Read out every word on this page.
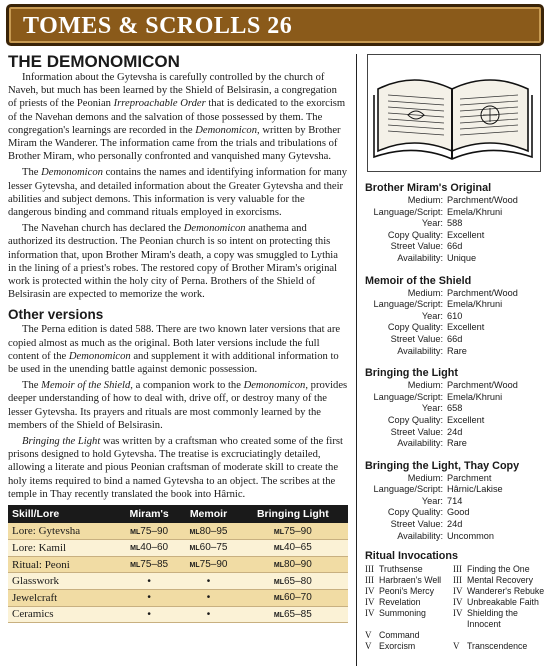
TOMES & SCROLLS 26
THE DEMONOMICON

Information about the Gytevsha is carefully controlled by the church of Naveh, but much has been learned by the Shield of Belsirasin, a congregation of priests of the Peonian Irreproachable Order that is dedicated to the exorcism of the Navehan demons and the salvation of those possessed by them. The congregation's learnings are recorded in the Demonomicon, written by Brother Miram the Wanderer. The information came from the trials and tribulations of Brother Miram, who personally confronted and vanquished many Gytevsha.

The Demonomicon contains the names and identifying information for many lesser Gytevsha, and detailed information about the Greater Gytevsha and their abilities and subject demons. This information is very valuable for the dangerous binding and command rituals employed in exorcisms.

The Navehan church has declared the Demonomicon anathema and authorized its destruction. The Peonian church is so intent on protecting this information that, upon Brother Miram's death, a copy was smuggled to Lythia in the lining of a priest's robes. The restored copy of Brother Miram's original work is protected within the holy city of Perna. Brothers of the Shield of Belsirasin are expected to memorize the work.

Other versions

The Perna edition is dated 588. There are two known later versions that are copied almost as much as the original. Both later versions include the full content of the Demonomicon and supplement it with additional information to be used in the unending battle against demonic possession.

The Memoir of the Shield, a companion work to the Demonomicon, provides deeper understanding of how to deal with, drive off, or destroy many of the lesser Gytevsha. Its prayers and rituals are most commonly learned by the members of the Shield of Belsirasin.

Bringing the Light was written by a craftsman who created some of the first prisons designed to hold Gytevsha. The treatise is excruciatingly detailed, allowing a literate and pious Peonian craftsman of moderate skill to create the holy items required to bind a named Gytevsha to an object. The scribes at the temple in Thay recently translated the book into Hârnic.

Skill/Lore	Miram's	Memoir	Bringing Light
Lore: Gytevsha	ML75–90	ML80–95	ML75–90
Lore: Kamil	ML40–60	ML60–75	ML40–65
Ritual: Peoni	ML75–85	ML75–90	ML80–90
Glasswork	•	•	ML65–80
Jewelcraft	•	•	ML60–70
Ceramics	•	•	ML65–85
Brother Miram's Original
Medium: Parchment/Wood
Language/Script: Emela/Khruni
Year: 588
Copy Quality: Excellent
Street Value: 66d
Availability: Unique
Memoir of the Shield
Medium: Parchment/Wood
Language/Script: Emela/Khruni
Year: 610
Copy Quality: Excellent
Street Value: 66d
Availability: Rare
Bringing the Light
Medium: Parchment/Wood
Language/Script: Emela/Khruni
Year: 658
Copy Quality: Excellent
Street Value: 24d
Availability: Rare
Bringing the Light, Thay Copy
Medium: Parchment
Language/Script: Hârnic/Lakise
Year: 714
Copy Quality: Good
Street Value: 24d
Availability: Uncommon
Ritual Invocations
III Truthsense	III Finding the One
III Harbraen's Well	III Mental Recovery
IV Peoni's Mercy	IV Wanderer's Rebuke
IV Revelation	IV Unbreakable Faith
IV Summoning	IV Shielding the Innocent
V Command
V Exorcism	V Transcendence
